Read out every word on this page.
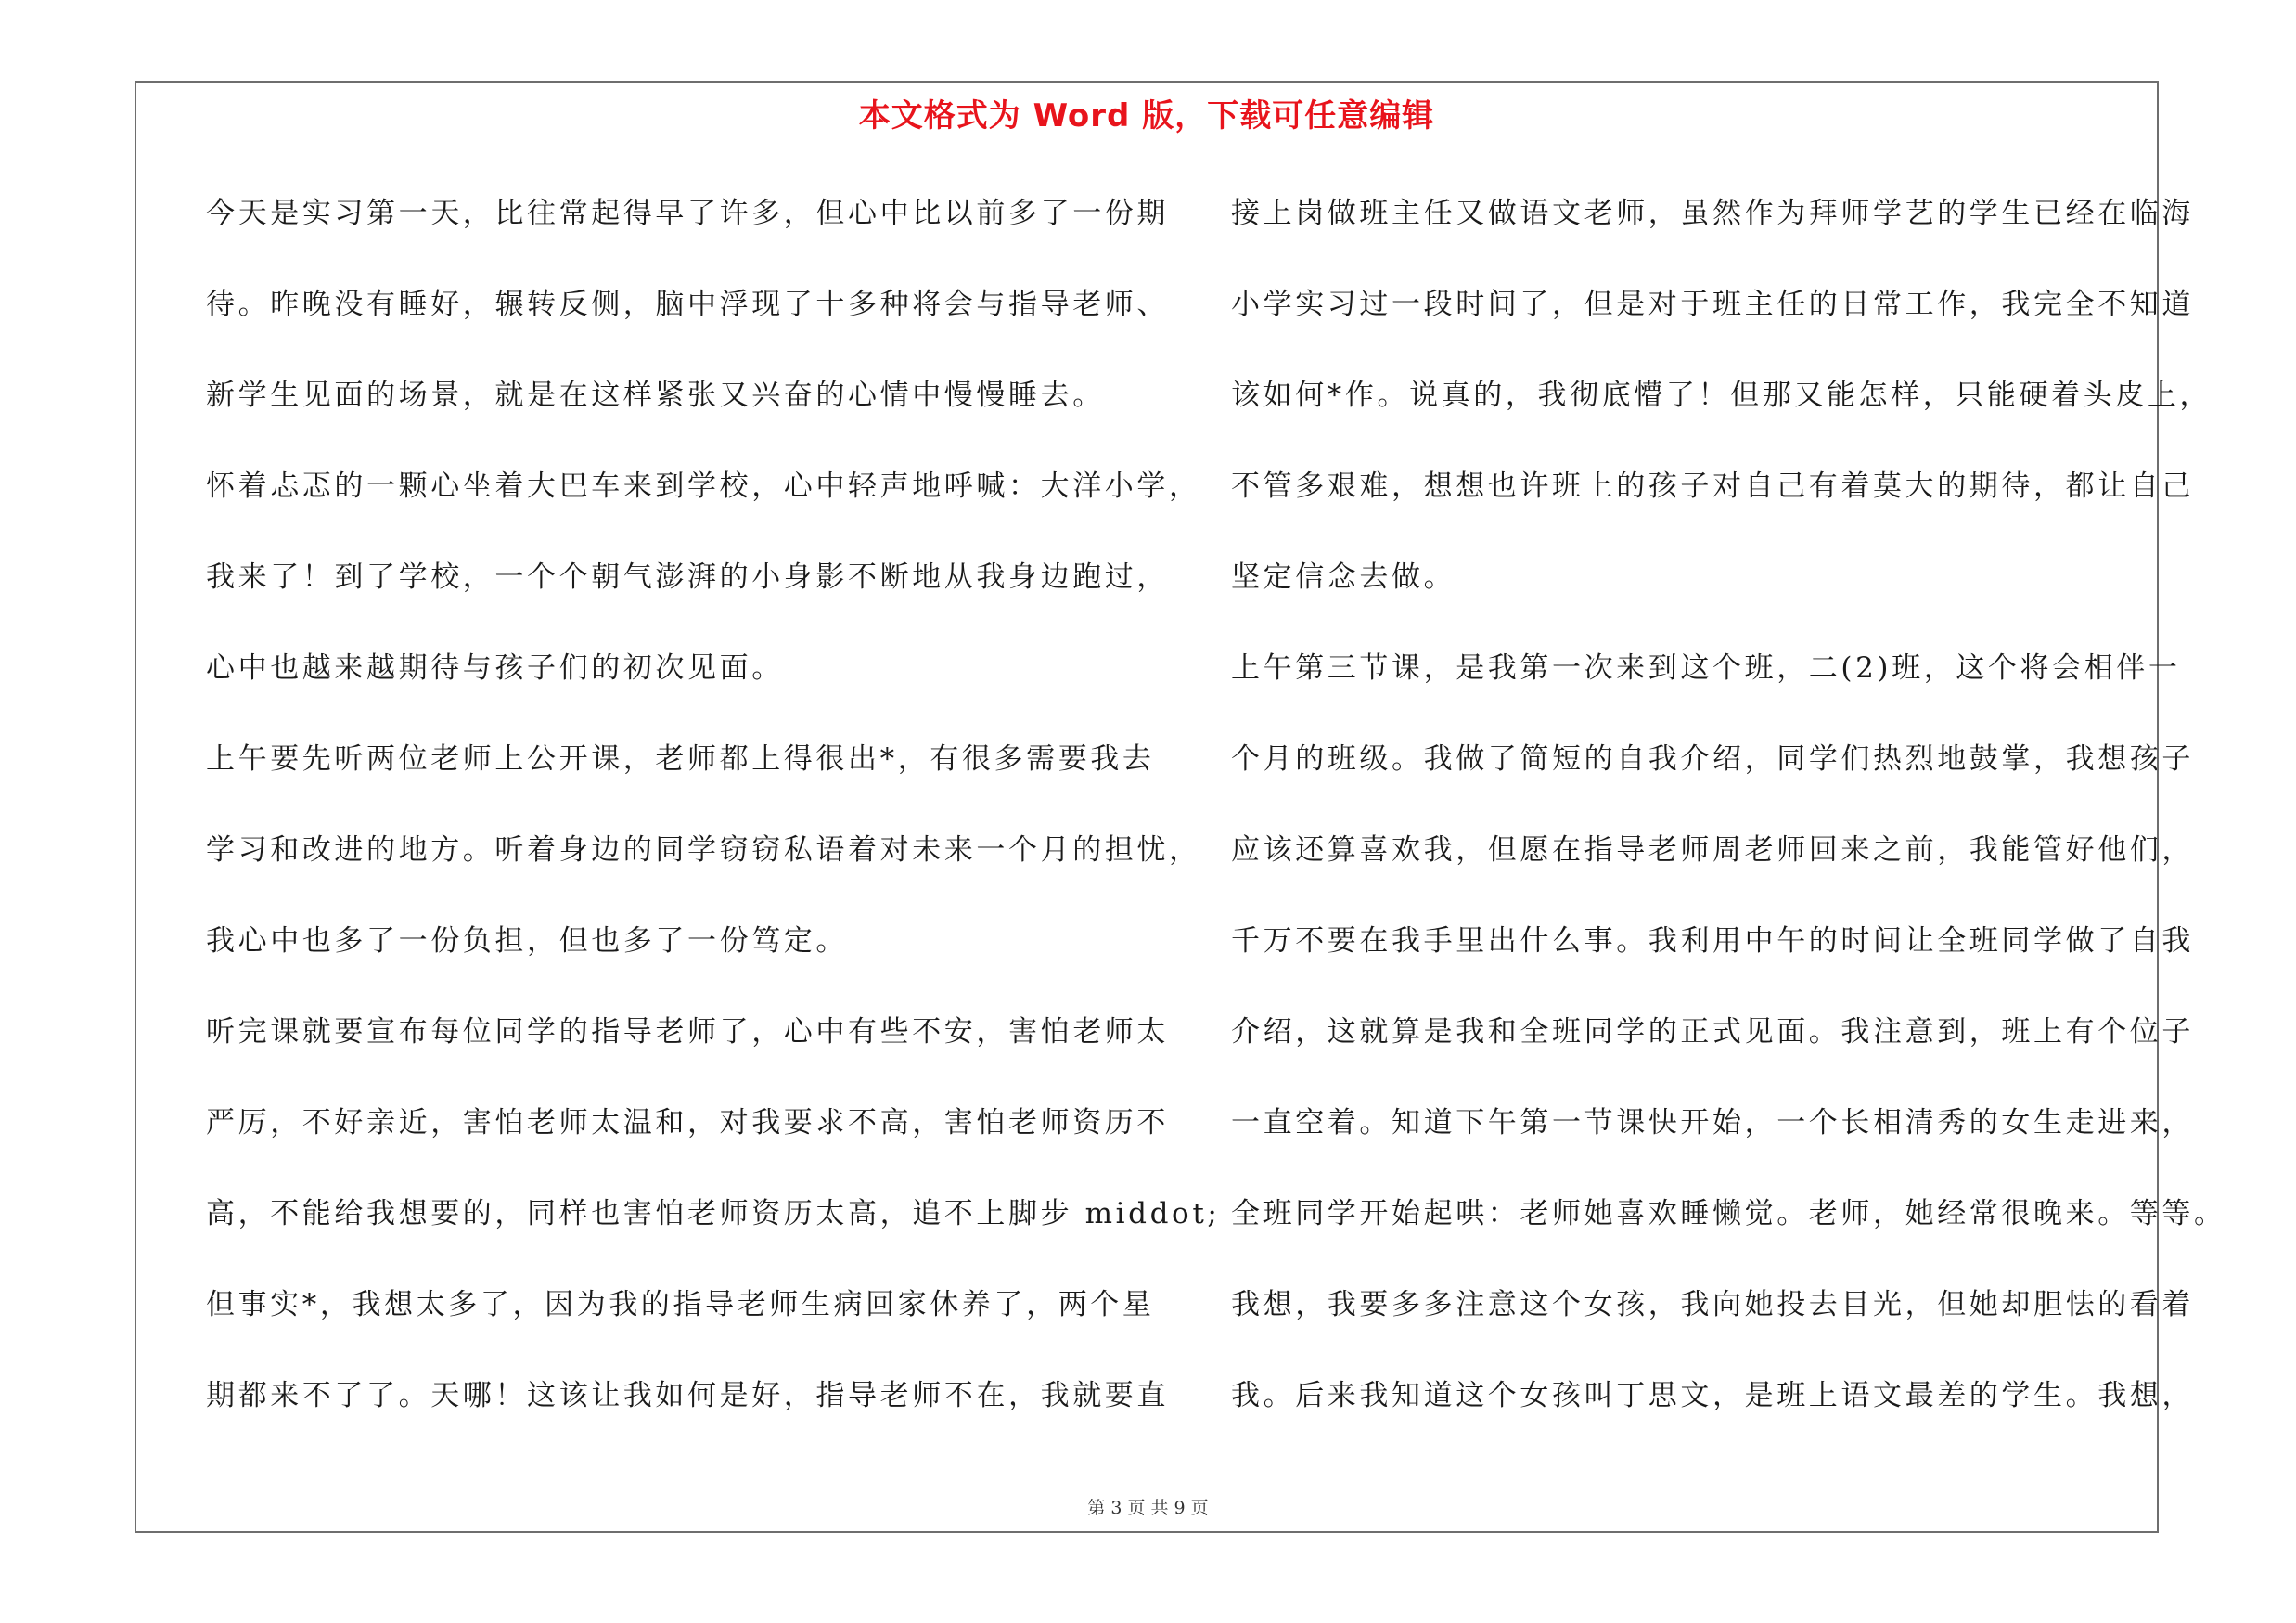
本文格式为 Word 版，下载可任意编辑
今天是实习第一天，比往常起得早了许多，但心中比以前多了一份期
待。昨晚没有睡好，辗转反侧，脑中浮现了十多种将会与指导老师、
新学生见面的场景，就是在这样紧张又兴奋的心情中慢慢睡去。
怀着忐忑的一颗心坐着大巴车来到学校，心中轻声地呼喊：大洋小学，
我来了！到了学校，一个个朝气澎湃的小身影不断地从我身边跑过，
心中也越来越期待与孩子们的初次见面。
上午要先听两位老师上公开课，老师都上得很出*，有很多需要我去
学习和改进的地方。听着身边的同学窃窃私语着对未来一个月的担忧，
我心中也多了一份负担，但也多了一份笃定。
听完课就要宣布每位同学的指导老师了，心中有些不安，害怕老师太
严厉，不好亲近，害怕老师太温和，对我要求不高，害怕老师资历不
高，不能给我想要的，同样也害怕老师资历太高，追不上脚步 middot;
但事实*，我想太多了，因为我的指导老师生病回家休养了，两个星
期都来不了了。天哪！这该让我如何是好，指导老师不在，我就要直
接上岗做班主任又做语文老师，虽然作为拜师学艺的学生已经在临海
小学实习过一段时间了，但是对于班主任的日常工作，我完全不知道
该如何*作。说真的，我彻底懵了！但那又能怎样，只能硬着头皮上，
不管多艰难，想想也许班上的孩子对自己有着莫大的期待，都让自己
坚定信念去做。
上午第三节课，是我第一次来到这个班，二(2)班，这个将会相伴一
个月的班级。我做了简短的自我介绍，同学们热烈地鼓掌，我想孩子
应该还算喜欢我，但愿在指导老师周老师回来之前，我能管好他们，
千万不要在我手里出什么事。我利用中午的时间让全班同学做了自我
介绍，这就算是我和全班同学的正式见面。我注意到，班上有个位子
一直空着。知道下午第一节课快开始，一个长相清秀的女生走进来，
全班同学开始起哄：老师她喜欢睡懒觉。老师，她经常很晚来。等等。
我想，我要多多注意这个女孩，我向她投去目光，但她却胆怯的看着
我。后来我知道这个女孩叫丁思文，是班上语文最差的学生。我想，
第 3 页 共 9 页
